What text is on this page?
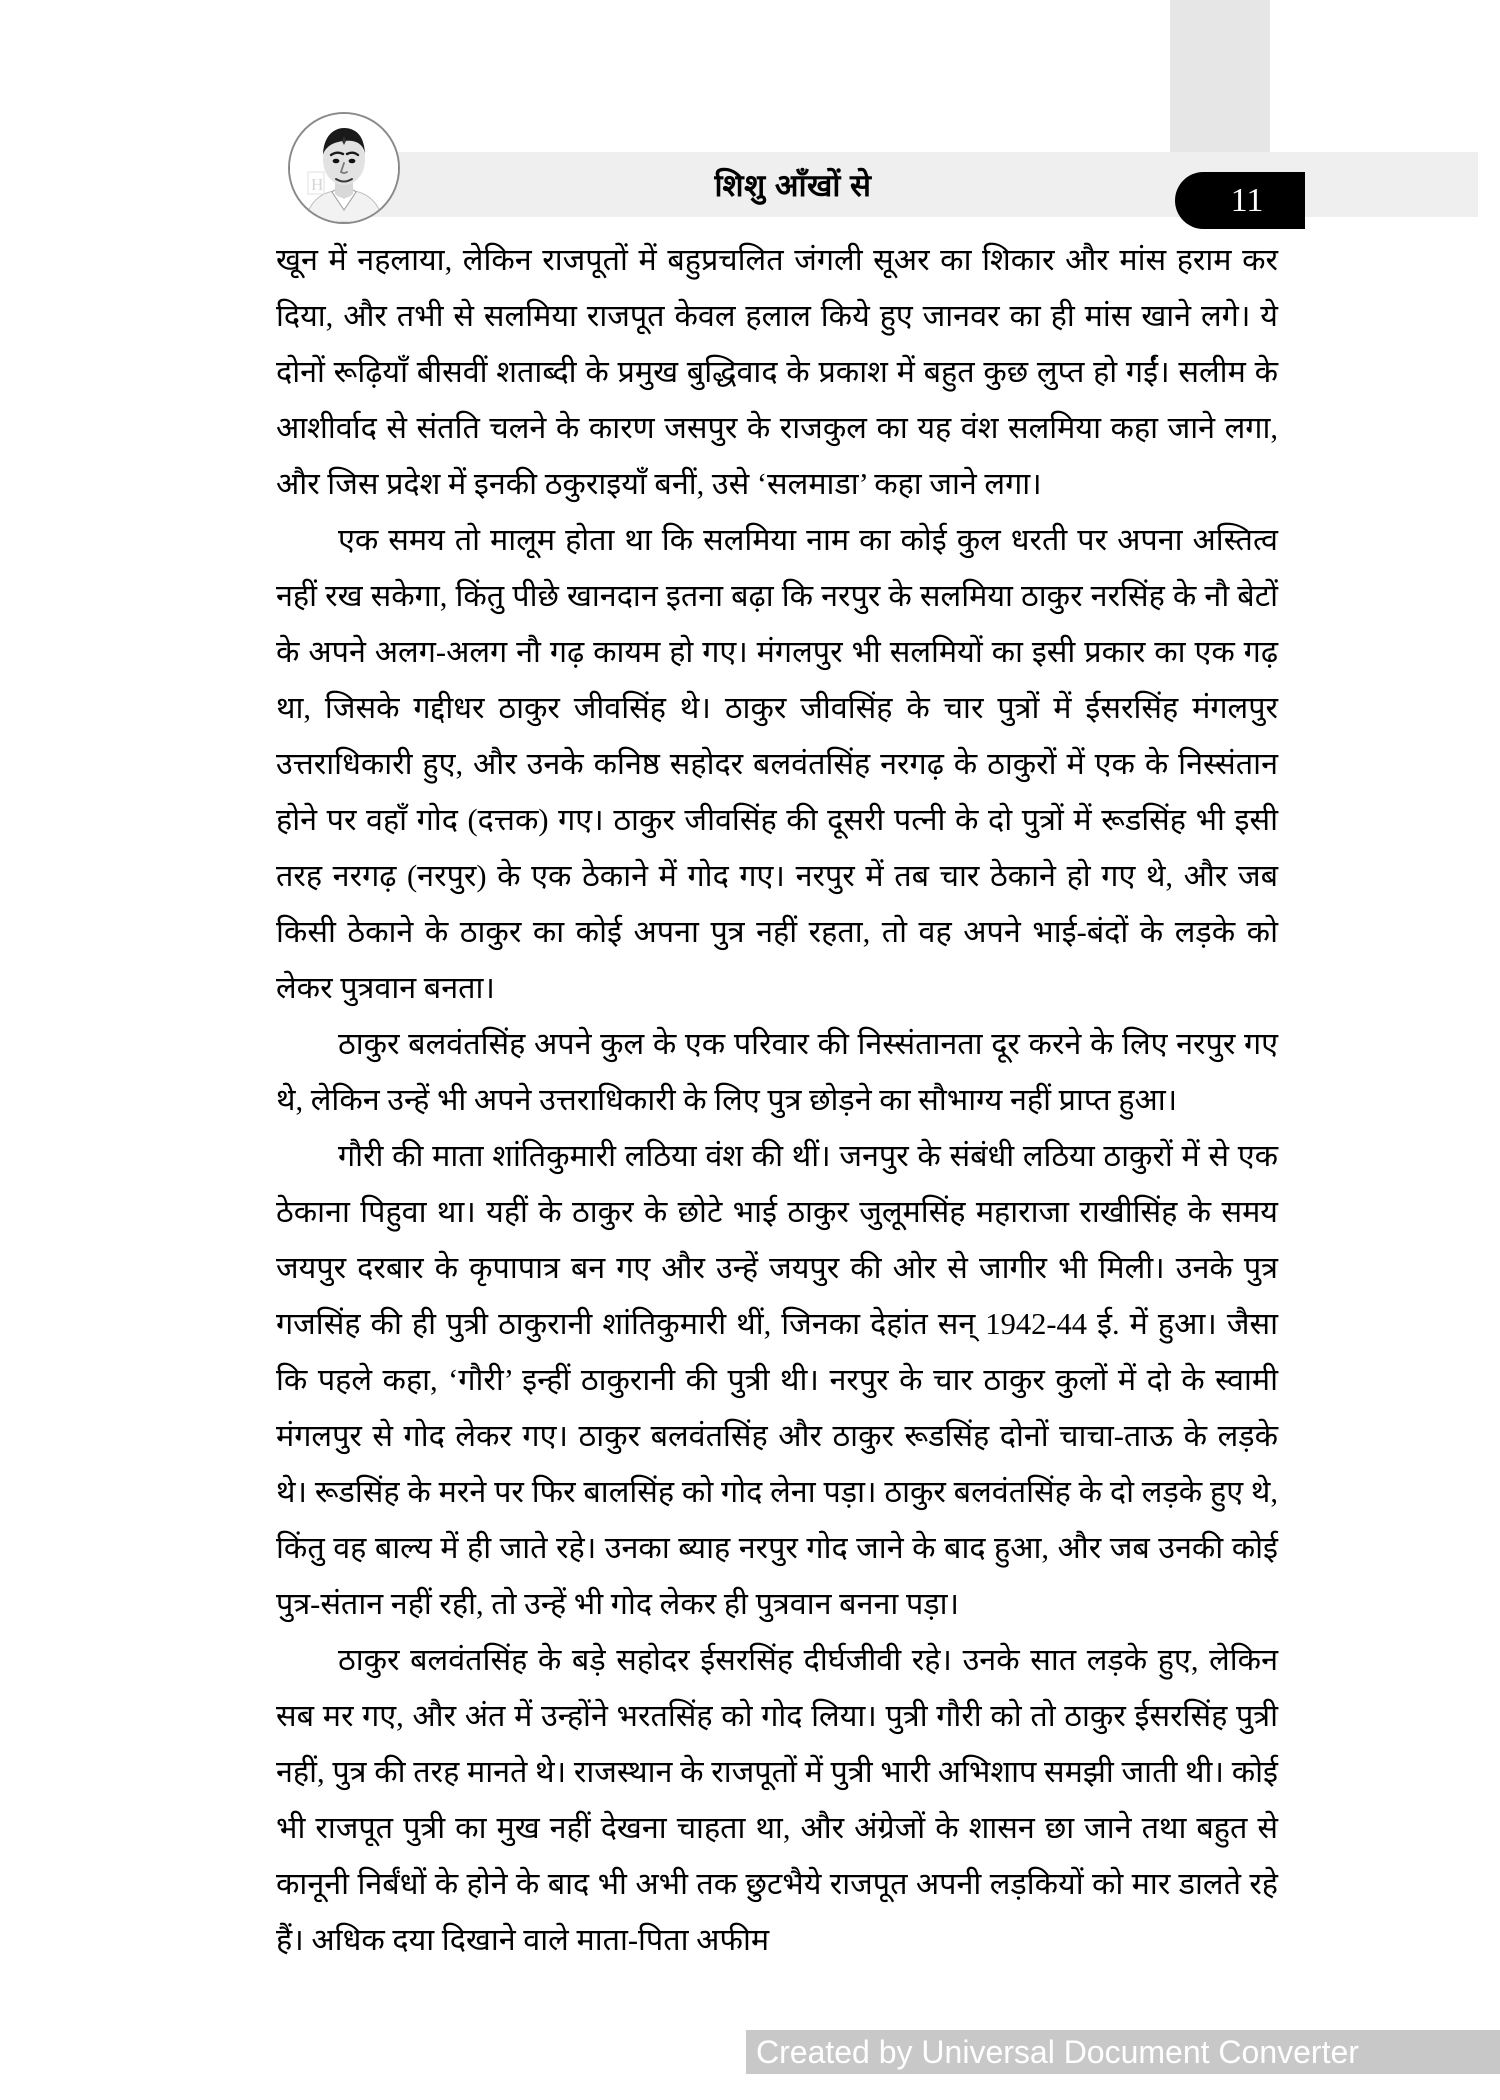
H	शिशु आँखों से	11

खून में नहलाया, लेकिन राजपूतों में बहुप्रचलित जंगली सूअर का शिकार और मांस हराम कर दिया, और तभी से सलमिया राजपूत केवल हलाल किये हुए जानवर का ही मांस खाने लगे। ये दोनों रूढ़ियाँ बीसवीं शताब्दी के प्रमुख बुद्धिवाद के प्रकाश में बहुत कुछ लुप्त हो गईं। सलीम के आशीर्वाद से संतति चलने के कारण जसपुर के राजकुल का यह वंश सलमिया कहा जाने लगा, और जिस प्रदेश में इनकी ठकुराइयाँ बनीं, उसे ‘सलमाडा’ कहा जाने लगा।

एक समय तो मालूम होता था कि सलमिया नाम का कोई कुल धरती पर अपना अस्तित्व नहीं रख सकेगा, किंतु पीछे खानदान इतना बढ़ा कि नरपुर के सलमिया ठाकुर नरसिंह के नौ बेटों के अपने अलग-अलग नौ गढ़ कायम हो गए। मंगलपुर भी सलमियों का इसी प्रकार का एक गढ़ था, जिसके गद्दीधर ठाकुर जीवसिंह थे। ठाकुर जीवसिंह के चार पुत्रों में ईसरसिंह मंगलपुर उत्तराधिकारी हुए, और उनके कनिष्ठ सहोदर बलवंतसिंह नरगढ़ के ठाकुरों में एक के निस्संतान होने पर वहाँ गोद (दत्तक) गए। ठाकुर जीवसिंह की दूसरी पत्नी के दो पुत्रों में रूडसिंह भी इसी तरह नरगढ़ (नरपुर) के एक ठेकाने में गोद गए। नरपुर में तब चार ठेकाने हो गए थे, और जब किसी ठेकाने के ठाकुर का कोई अपना पुत्र नहीं रहता, तो वह अपने भाई-बंदों के लड़के को लेकर पुत्रवान बनता।

ठाकुर बलवंतसिंह अपने कुल के एक परिवार की निस्संतानता दूर करने के लिए नरपुर गए थे, लेकिन उन्हें भी अपने उत्तराधिकारी के लिए पुत्र छोड़ने का सौभाग्य नहीं प्राप्त हुआ।

गौरी की माता शांतिकुमारी लठिया वंश की थीं। जनपुर के संबंधी लठिया ठाकुरों में से एक ठेकाना पिहुवा था। यहीं के ठाकुर के छोटे भाई ठाकुर जुलूमसिंह महाराजा राखीसिंह के समय जयपुर दरबार के कृपापात्र बन गए और उन्हें जयपुर की ओर से जागीर भी मिली। उनके पुत्र गजसिंह की ही पुत्री ठाकुरानी शांतिकुमारी थीं, जिनका देहांत सन् 1942-44 ई. में हुआ। जैसा कि पहले कहा, ‘गौरी’ इन्हीं ठाकुरानी की पुत्री थी। नरपुर के चार ठाकुर कुलों में दो के स्वामी मंगलपुर से गोद लेकर गए। ठाकुर बलवंतसिंह और ठाकुर रूडसिंह दोनों चाचा-ताऊ के लड़के थे। रूडसिंह के मरने पर फिर बालसिंह को गोद लेना पड़ा। ठाकुर बलवंतसिंह के दो लड़के हुए थे, किंतु वह बाल्य में ही जाते रहे। उनका ब्याह नरपुर गोद जाने के बाद हुआ, और जब उनकी कोई पुत्र-संतान नहीं रही, तो उन्हें भी गोद लेकर ही पुत्रवान बनना पड़ा।

ठाकुर बलवंतसिंह के बड़े सहोदर ईसरसिंह दीर्घजीवी रहे। उनके सात लड़के हुए, लेकिन सब मर गए, और अंत में उन्होंने भरतसिंह को गोद लिया। पुत्री गौरी को तो ठाकुर ईसरसिंह पुत्री नहीं, पुत्र की तरह मानते थे। राजस्थान के राजपूतों में पुत्री भारी अभिशाप समझी जाती थी। कोई भी राजपूत पुत्री का मुख नहीं देखना चाहता था, और अंग्रेजों के शासन छा जाने तथा बहुत से कानूनी निर्बंधों के होने के बाद भी अभी तक छुटभैये राजपूत अपनी लड़कियों को मार डालते रहे हैं। अधिक दया दिखाने वाले माता-पिता अफीम

Created by Universal Document Converter
